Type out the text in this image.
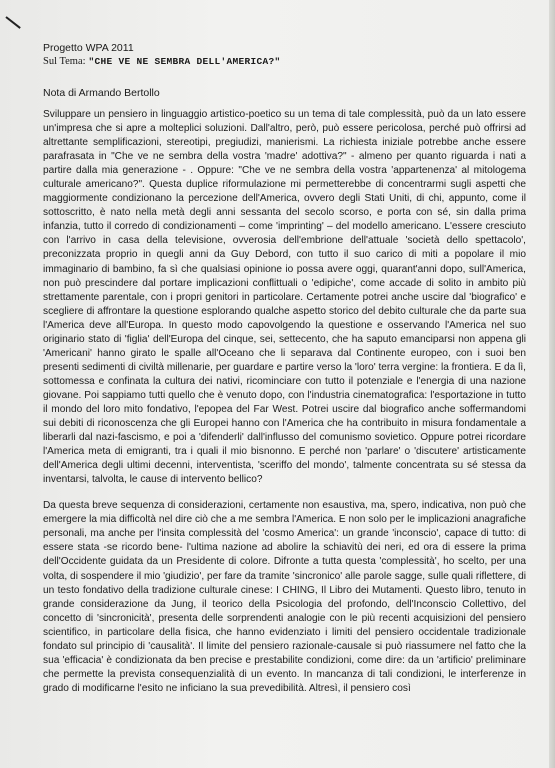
Progetto WPA 2011
Sul Tema: "CHE VE NE SEMBRA DELL'AMERICA?"
Nota di Armando Bertollo

Sviluppare un pensiero in linguaggio artistico-poetico su un tema di tale complessità, può da un lato essere un'impresa che si apre a molteplici soluzioni. Dall'altro, però, può essere pericolosa, perché può offrirsi ad altrettante semplificazioni, stereotipi, pregiudizi, manierismi. La richiesta iniziale potrebbe anche essere parafrasata in "Che ve ne sembra della vostra 'madre' adottiva?" - almeno per quanto riguarda i nati a partire dalla mia generazione - . Oppure: "Che ve ne sembra della vostra 'appartenenza' al mitologema culturale americano?". Questa duplice riformulazione mi permetterebbe di concentrarmi sugli aspetti che maggiormente condizionano la percezione dell'America, ovvero degli Stati Uniti, di chi, appunto, come il sottoscritto, è nato nella metà degli anni sessanta del secolo scorso, e porta con sé, sin dalla prima infanzia, tutto il corredo di condizionamenti – come 'imprinting' – del modello americano. L'essere cresciuto con l'arrivo in casa della televisione, ovverosia dell'embrione dell'attuale 'società dello spettacolo', preconizzata proprio in quegli anni da Guy Debord, con tutto il suo carico di miti a popolare il mio immaginario di bambino, fa sì che qualsiasi opinione io possa avere oggi, quarant'anni dopo, sull'America, non può prescindere dal portare implicazioni conflittuali o 'edipiche', come accade di solito in ambito più strettamente parentale, con i propri genitori in particolare. Certamente potrei anche uscire dal 'biografico' e scegliere di affrontare la questione esplorando qualche aspetto storico del debito culturale che da parte sua l'America deve all'Europa. In questo modo capovolgendo la questione e osservando l'America nel suo originario stato di 'figlia' dell'Europa del cinque, sei, settecento, che ha saputo emanciparsi non appena gli 'Americani' hanno girato le spalle all'Oceano che li separava dal Continente europeo, con i suoi ben presenti sedimenti di civiltà millenarie, per guardare e partire verso la 'loro' terra vergine: la frontiera. E da lì, sottomessa e confinata la cultura dei nativi, ricominciare con tutto il potenziale e l'energia di una nazione giovane. Poi sappiamo tutti quello che è venuto dopo, con l'industria cinematografica: l'esportazione in tutto il mondo del loro mito fondativo, l'epopea del Far West. Potrei uscire dal biografico anche soffermandomi sui debiti di riconoscenza che gli Europei hanno con l'America che ha contribuito in misura fondamentale a liberarli dal nazi-fascismo, e poi a 'difenderli' dall'influsso del comunismo sovietico. Oppure potrei ricordare l'America meta di emigranti, tra i quali il mio bisnonno. E perché non 'parlare' o 'discutere' artisticamente dell'America degli ultimi decenni, interventista, 'sceriffo del mondo', talmente concentrata su sé stessa da inventarsi, talvolta, le cause di intervento bellico?

Da questa breve sequenza di considerazioni, certamente non esaustiva, ma, spero, indicativa, non può che emergere la mia difficoltà nel dire ciò che a me sembra l'America. E non solo per le implicazioni anagrafiche personali, ma anche per l'insita complessità del 'cosmo America': un grande 'inconscio', capace di tutto: di essere stata -se ricordo bene- l'ultima nazione ad abolire la schiavitù dei neri, ed ora di essere la prima dell'Occidente guidata da un Presidente di colore. Difronte a tutta questa 'complessità', ho scelto, per una volta, di sospendere il mio 'giudizio', per fare da tramite 'sincronico' alle parole sagge, sulle quali riflettere, di un testo fondativo della tradizione culturale cinese: I CHING, Il Libro dei Mutamenti. Questo libro, tenuto in grande considerazione da Jung, il teorico della Psicologia del profondo, dell'Inconscio Collettivo, del concetto di 'sincronicità', presenta delle sorprendenti analogie con le più recenti acquisizioni del pensiero scientifico, in particolare della fisica, che hanno evidenziato i limiti del pensiero occidentale tradizionale fondato sul principio di 'causalità'. Il limite del pensiero razionale-causale si può riassumere nel fatto che la sua 'efficacia' è condizionata da ben precise e prestabilite condizioni, come dire: da un 'artificio' preliminare che permette la prevista consequenzialità di un evento. In mancanza di tali condizioni, le interferenze in grado di modificarne l'esito ne inficiano la sua prevedibilità. Altresì, il pensiero così
